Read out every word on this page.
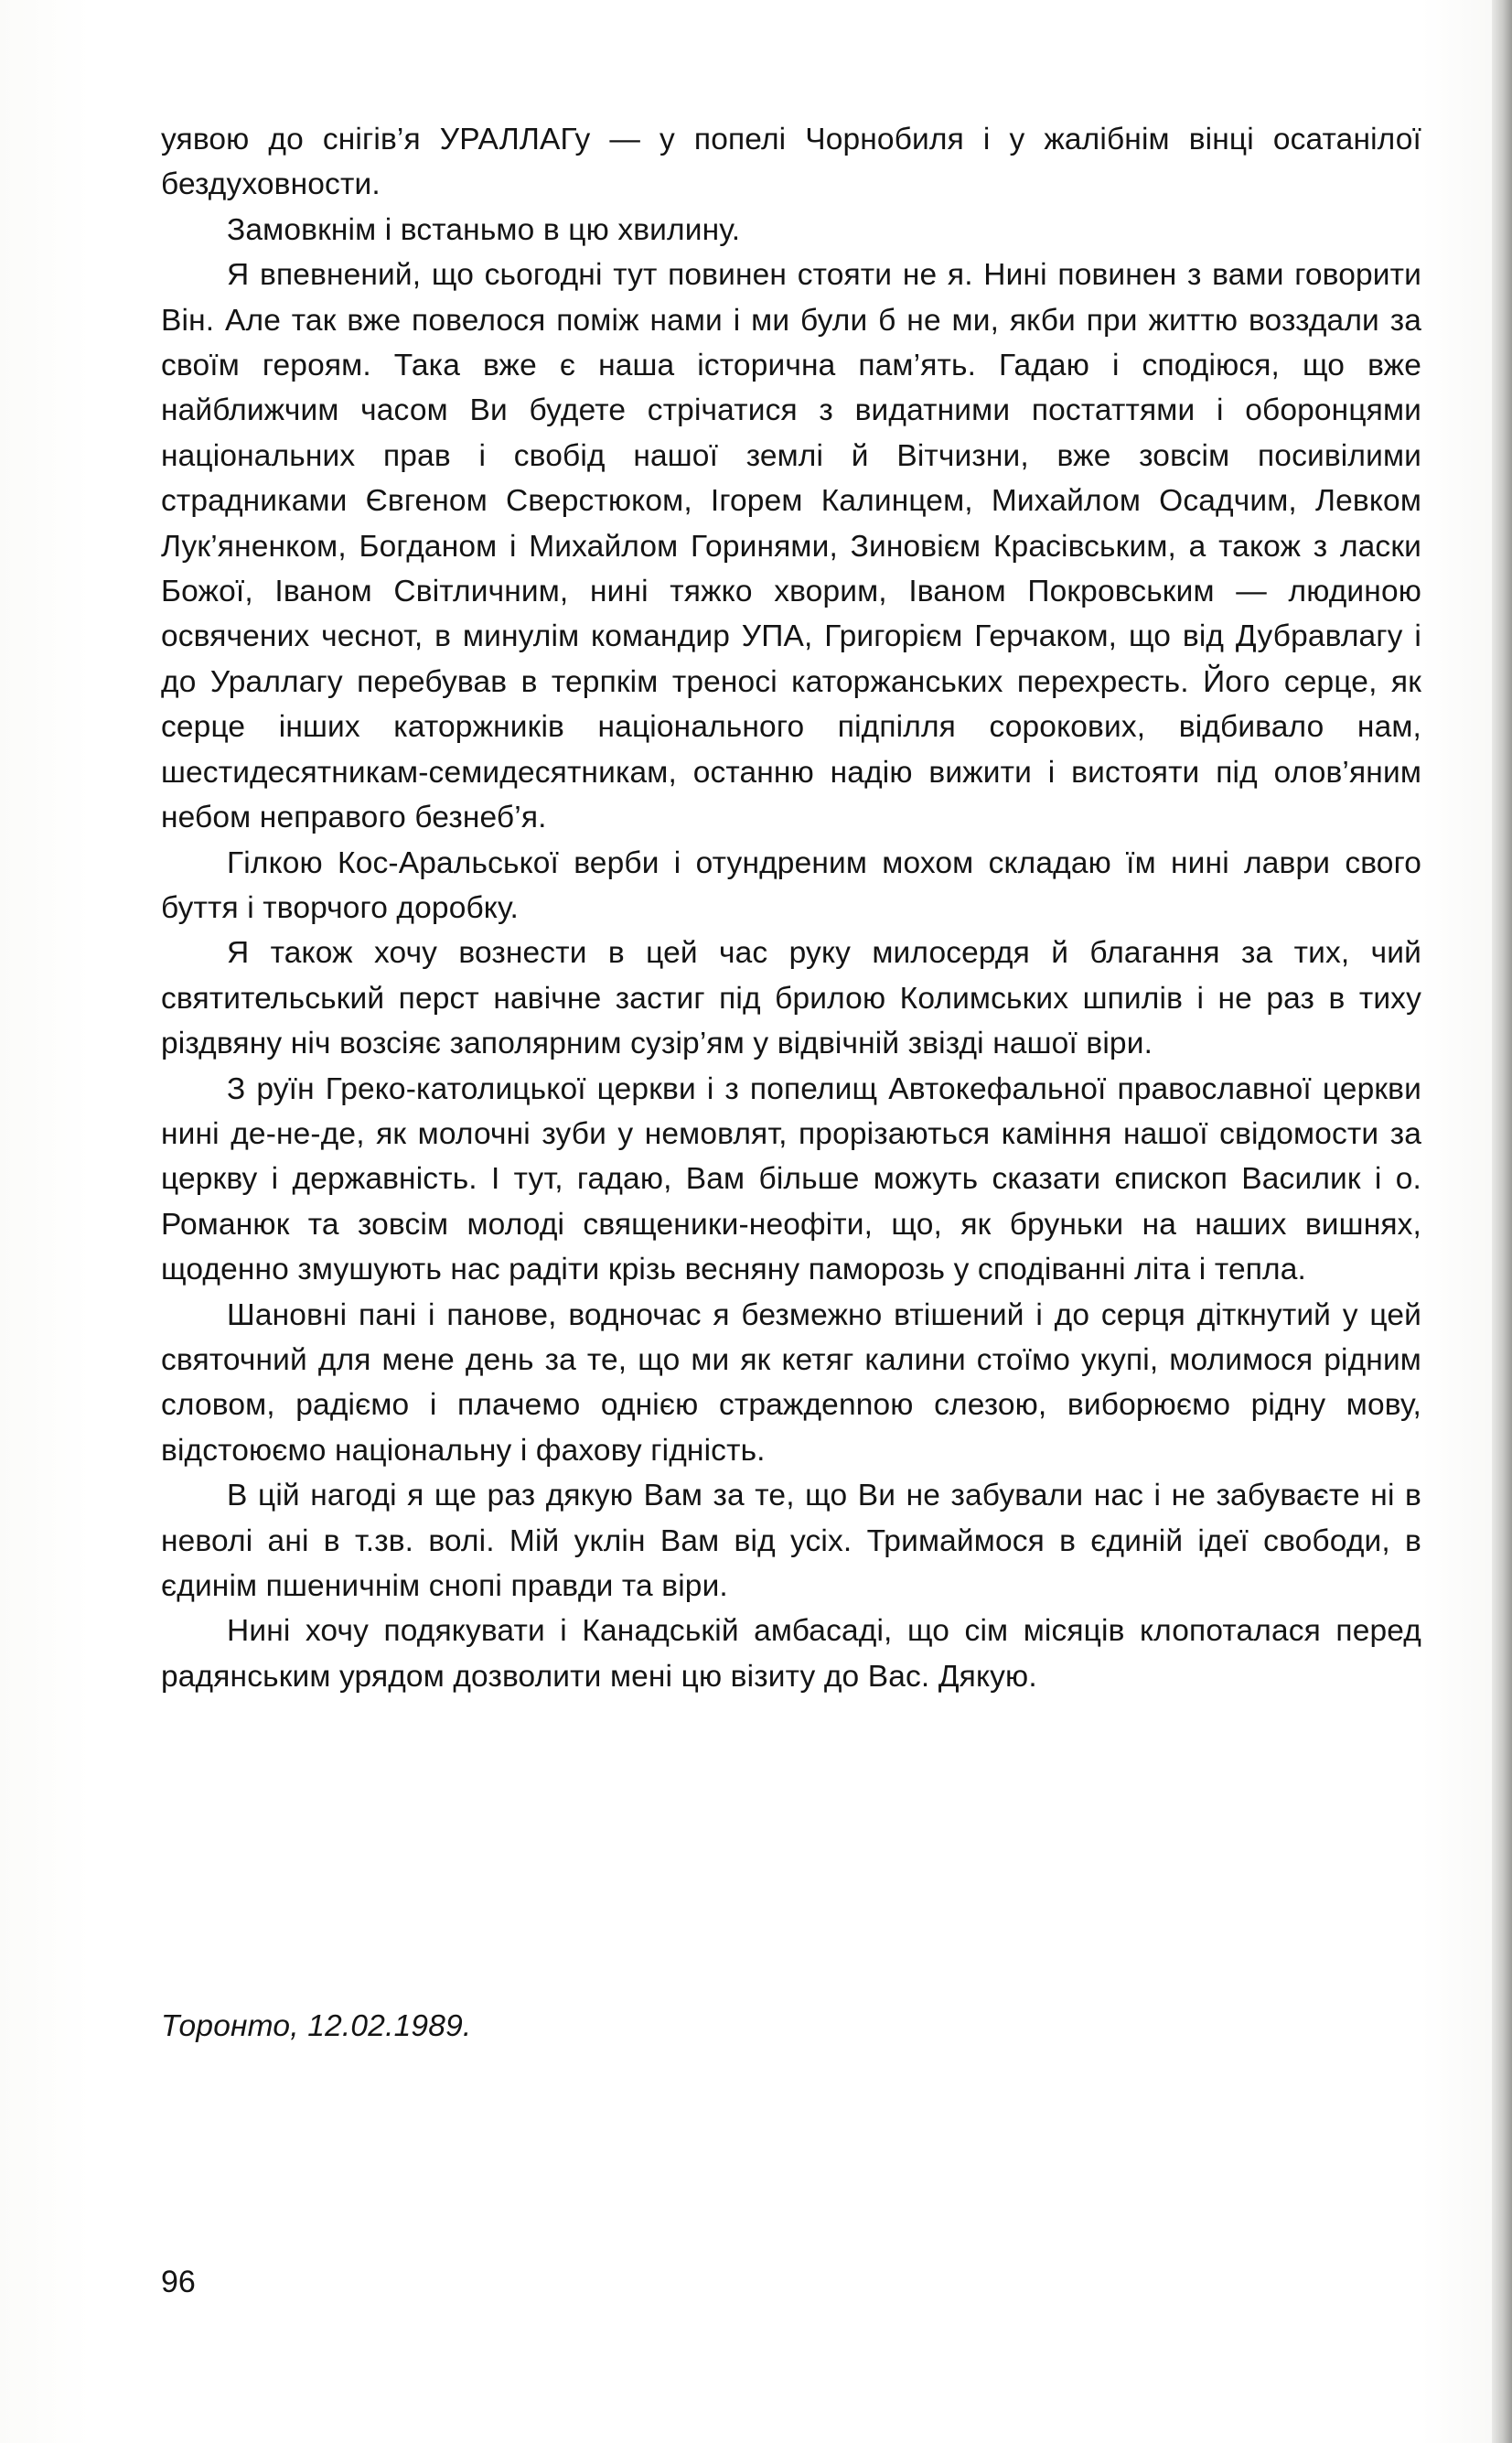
уявою до снігів’я УРАЛЛАГу — у попелі Чорнобиля і у жалібнім вінці осатанілої бездуховности.

Замовкнім і встаньмо в цю хвилину.

Я впевнений, що сьогодні тут повинен стояти не я. Нині повинен з вами говорити Він. Але так вже повелося поміж нами і ми були б не ми, якби при життю возздали за своїм героям. Така вже є наша історична пам’ять. Гадаю і сподіюся, що вже найближчим часом Ви будете стрічатися з видатними постаттями і оборонцями національних прав і свобід нашої землі й Вітчизни, вже зовсім посивілими страдниками Євгеном Сверстюком, Ігорем Калинцем, Михайлом Осадчим, Левком Лук’яненком, Богданом і Михайлом Горинями, Зиновієм Красівським, а також з ласки Божої, Іваном Світличним, нині тяжко хворим, Іваном Покровським — людиною освячених чеснот, в минулім командир УПА, Григорієм Герчаком, що від Дубравлагу і до Ураллагу перебував в терпкім треносі каторжанських перехресть. Його серце, як серце інших каторжників національного підпілля сорокових, відбивало нам, шестидесятникам-семидесятникам, останню надію вижити і вистояти під олов’яним небом неправого безнеб’я.

Гілкою Кос-Аральської верби і отундреним мохом складаю їм нині лаври свого буття і творчого доробку.

Я також хочу вознести в цей час руку милосердя й благання за тих, чий святительський перст навічне застиг під брилою Колимських шпилів і не раз в тиху різдвяну ніч возсіяє заполярним сузір’ям у відвічній звізді нашої віри.

З руїн Греко-католицької церкви і з попелищ Автокефальної православної церкви нині де-не-де, як молочні зуби у немовлят, прорізаються каміння нашої свідомости за церкву і державність. І тут, гадаю, Вам більше можуть сказати єпископ Василик і о. Романюк та зовсім молоді священики-неофіти, що, як бруньки на наших вишнях, щоденно змушують нас радіти крізь весняну паморозь у сподіванні літа і тепла.

Шановні пані і панове, водночас я безмежно втішений і до серця діткнутий у цей святочний для мене день за те, що ми як кетяг калини стоїмо укупі, молимося рідним словом, радіємо і плачемо однією страждennою слезою, виборюємо рідну мову, відстоюємо національну і фахову гідність.

В цій нагоді я ще раз дякую Вам за те, що Ви не забували нас і не забуваєте ні в неволі ані в т.зв. волі. Мій уклін Вам від усіх. Тримаймося в єдиній ідеї свободи, в єдинім пшеничнім снопі правди та віри.

Нині хочу подякувати і Канадській амбасаді, що сім місяців клопоталася перед радянським урядом дозволити мені цю візиту до Вас. Дякую.

Торонто, 12.02.1989.

96
